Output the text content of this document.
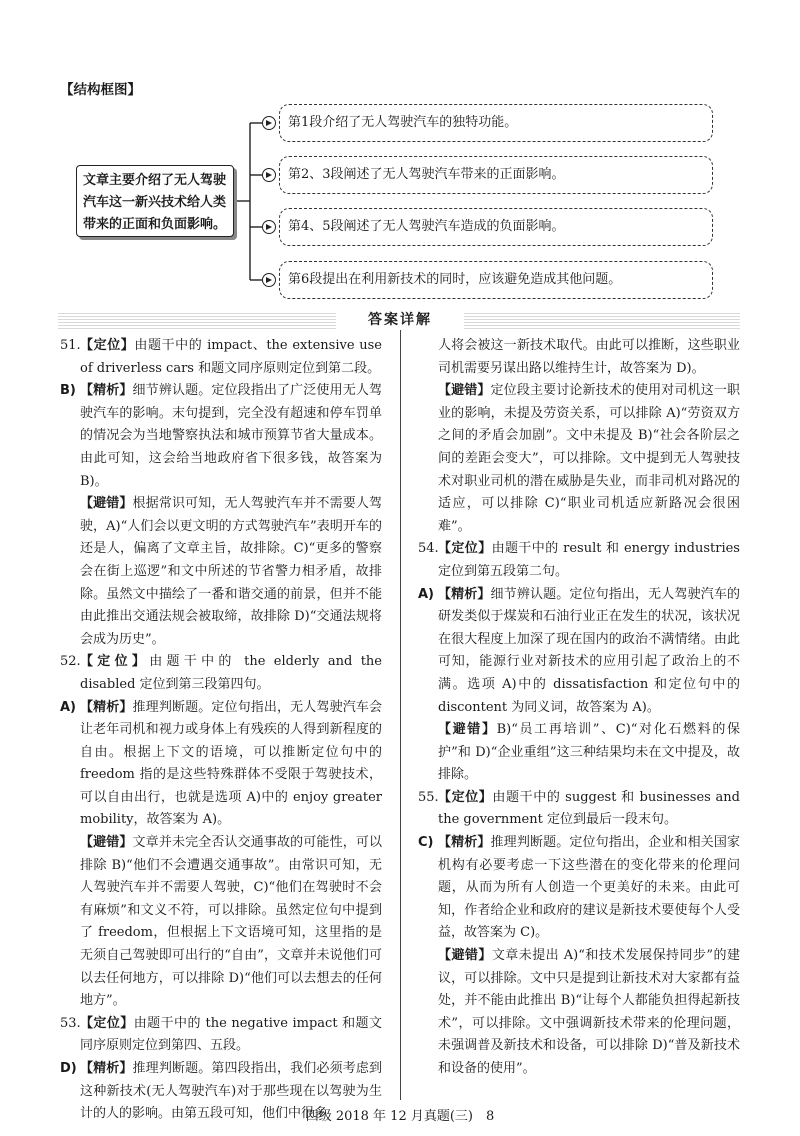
【结构框图】
文章主要介绍了无人驾驶汽车这一新兴技术给人类带来的正面和负面影响。
第1段介绍了无人驾驶汽车的独特功能。
第2、3段阐述了无人驾驶汽车带来的正面影响。
第4、5段阐述了无人驾驶汽车造成的负面影响。
第6段提出在利用新技术的同时，应该避免造成其他问题。
答案详解

51. 【定位】由题干中的 impact、the extensive use of driverless cars 和题文同序原则定位到第二段。

B) 【精析】细节辨认题。定位段指出了广泛使用无人驾驶汽车的影响。末句提到，完全没有超速和停车罚单的情况会为当地警察执法和城市预算节省大量成本。由此可知，这会给当地政府省下很多钱，故答案为 B)。

【避错】根据常识可知，无人驾驶汽车并不需要人驾驶，A)“人们会以更文明的方式驾驶汽车”表明开车的还是人，偏离了文章主旨，故排除。C)“更多的警察会在街上巡逻”和文中所述的节省警力相矛盾，故排除。虽然文中描绘了一番和谐交通的前景，但并不能由此推出交通法规会被取缔，故排除 D)“交通法规将会成为历史”。

52. 【定位】由题干中的 the elderly and the disabled 定位到第三段第四句。

A) 【精析】推理判断题。定位句指出，无人驾驶汽车会让老年司机和视力或身体上有残疾的人得到新程度的自由。根据上下文的语境，可以推断定位句中的 freedom 指的是这些特殊群体不受限于驾驶技术，可以自由出行，也就是选项 A)中的 enjoy greater mobility，故答案为 A)。

【避错】文章并未完全否认交通事故的可能性，可以排除 B)“他们不会遭遇交通事故”。由常识可知，无人驾驶汽车并不需要人驾驶，C)“他们在驾驶时不会有麻烦”和文义不符，可以排除。虽然定位句中提到了 freedom，但根据上下文语境可知，这里指的是无须自己驾驶即可出行的“自由”，文章并未说他们可以去任何地方，可以排除 D)“他们可以去想去的任何地方”。

53. 【定位】由题干中的 the negative impact 和题文同序原则定位到第四、五段。

D) 【精析】推理判断题。第四段指出，我们必须考虑到这种新技术(无人驾驶汽车)对于那些现在以驾驶为生计的人的影响。由第五段可知，他们中很多

人将会被这一新技术取代。由此可以推断，这些职业司机需要另谋出路以维持生计，故答案为 D)。

【避错】定位段主要讨论新技术的使用对司机这一职业的影响，未提及劳资关系，可以排除 A)“劳资双方之间的矛盾会加剧”。文中未提及 B)“社会各阶层之间的差距会变大”，可以排除。文中提到无人驾驶技术对职业司机的潜在威胁是失业，而非司机对路况的适应，可以排除 C)“职业司机适应新路况会很困难”。

54. 【定位】由题干中的 result 和 energy industries 定位到第五段第二句。

A) 【精析】细节辨认题。定位句指出，无人驾驶汽车的研发类似于煤炭和石油行业正在发生的状况，该状况在很大程度上加深了现在国内的政治不满情绪。由此可知，能源行业对新技术的应用引起了政治上的不满。选项 A)中的 dissatisfaction 和定位句中的 discontent 为同义词，故答案为 A)。

【避错】B)“员工再培训”、C)“对化石燃料的保护”和 D)“企业重组”这三种结果均未在文中提及，故排除。

55. 【定位】由题干中的 suggest 和 businesses and the government 定位到最后一段末句。

C) 【精析】推理判断题。定位句指出，企业和相关国家机构有必要考虑一下这些潜在的变化带来的伦理问题，从而为所有人创造一个更美好的未来。由此可知，作者给企业和政府的建议是新技术要使每个人受益，故答案为 C)。

【避错】文章未提出 A)“和技术发展保持同步”的建议，可以排除。文中只是提到让新技术对大家都有益处，并不能由此推出 B)“让每个人都能负担得起新技术”，可以排除。文中强调新技术带来的伦理问题，未强调普及新技术和设备，可以排除 D)“普及新技术和设备的使用”。

四级 2018 年 12 月真题(三)　8
